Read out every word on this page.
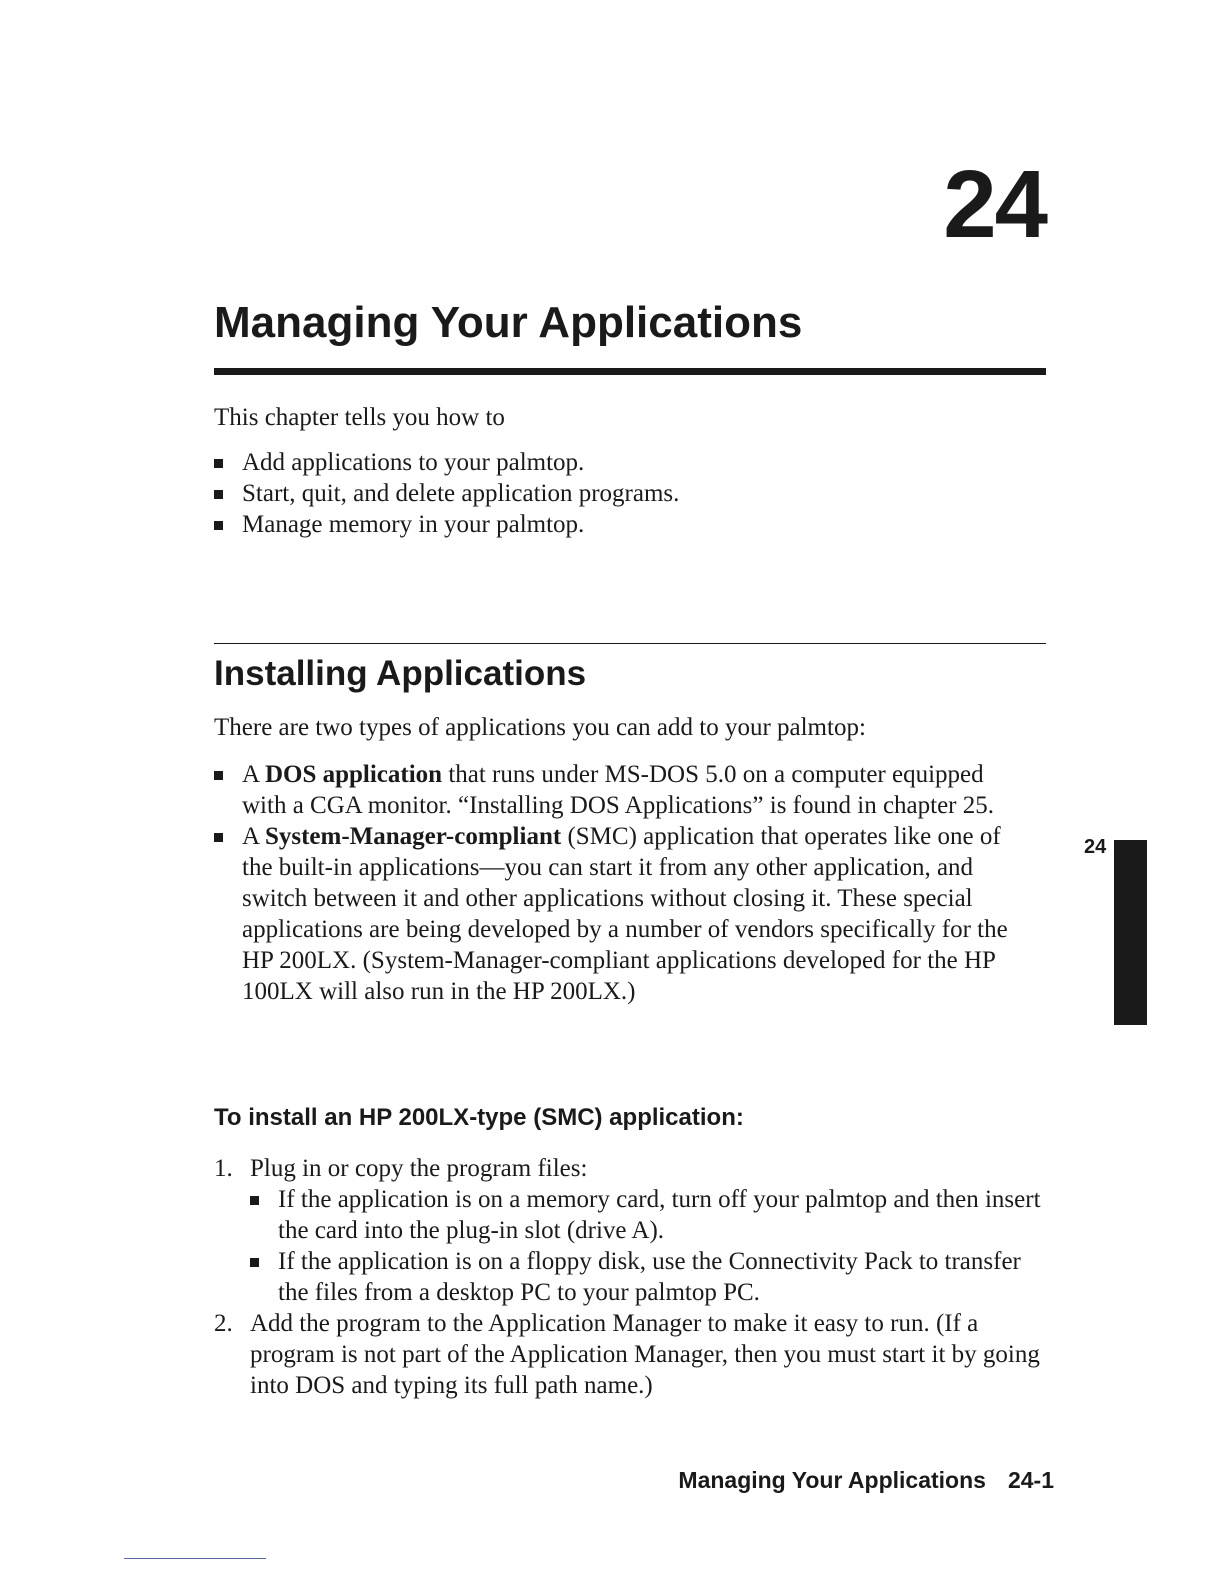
24
Managing Your Applications

This chapter tells you how to

Add applications to your palmtop.
Start, quit, and delete application programs.
Manage memory in your palmtop.
Installing Applications

There are two types of applications you can add to your palmtop:

A DOS application that runs under MS-DOS 5.0 on a computer equipped with a CGA monitor. “Installing DOS Applications” is found in chapter 25.
A System-Manager-compliant (SMC) application that operates like one of the built-in applications—you can start it from any other application, and switch between it and other applications without closing it. These special applications are being developed by a number of vendors specifically for the HP 200LX. (System-Manager-compliant applications developed for the HP 100LX will also run in the HP 200LX.)
To install an HP 200LX-type (SMC) application:
1. Plug in or copy the program files:
If the application is on a memory card, turn off your palmtop and then insert the card into the plug-in slot (drive A).
If the application is on a floppy disk, use the Connectivity Pack to transfer the files from a desktop PC to your palmtop PC.
2. Add the program to the Application Manager to make it easy to run. (If a program is not part of the Application Manager, then you must start it by going into DOS and typing its full path name.)
24
Managing Your Applications 24-1
